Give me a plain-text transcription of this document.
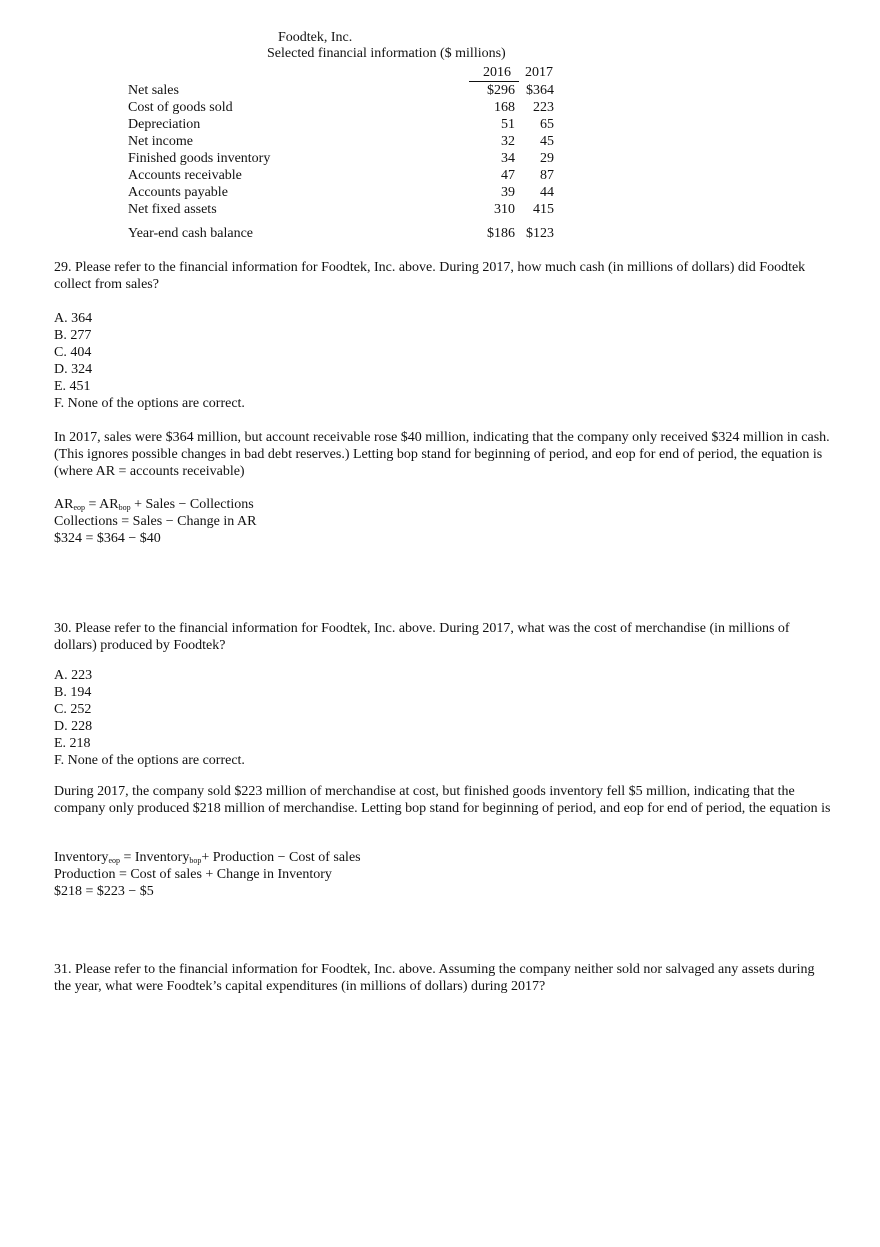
Foodtek, Inc.
Selected financial information ($ millions)
2016 2017
Net sales	$296 $364
Cost of goods sold	168 223
Depreciation	51 65
Net income	32 45
Finished goods inventory	34 29
Accounts receivable	47 87
Accounts payable	39 44
Net fixed assets	310 415
Year-end cash balance	$186 $123

29. Please refer to the financial information for Foodtek, Inc. above. During 2017, how much cash (in millions of dollars) did Foodtek collect from sales?

A. 364
B. 277
C. 404
D. 324
E. 451
F. None of the options are correct.

In 2017, sales were $364 million, but account receivable rose $40 million, indicating that the company only received $324 million in cash. (This ignores possible changes in bad debt reserves.) Letting bop stand for beginning of period, and eop for end of period, the equation is (where AR = accounts receivable)

$AR_{eop} = AR_{bop}$ + Sales − Collections
Collections = Sales − Change in AR
$324 = $364 − $40

30. Please refer to the financial information for Foodtek, Inc. above. During 2017, what was the cost of merchandise (in millions of dollars) produced by Foodtek?

A. 223
B. 194
C. 252
D. 228
E. 218
F. None of the options are correct.

During 2017, the company sold $223 million of merchandise at cost, but finished goods inventory fell $5 million, indicating that the company only produced $218 million of merchandise. Letting bop stand for beginning of period, and eop for end of period, the equation is

Inventory$_{eop}$ = Inventory$_{bop}$+ Production − Cost of sales
Production = Cost of sales + Change in Inventory
$218 = $223 − $5

31. Please refer to the financial information for Foodtek, Inc. above. Assuming the company neither sold nor salvaged any assets during the year, what were Foodtek’s capital expenditures (in millions of dollars) during 2017?
